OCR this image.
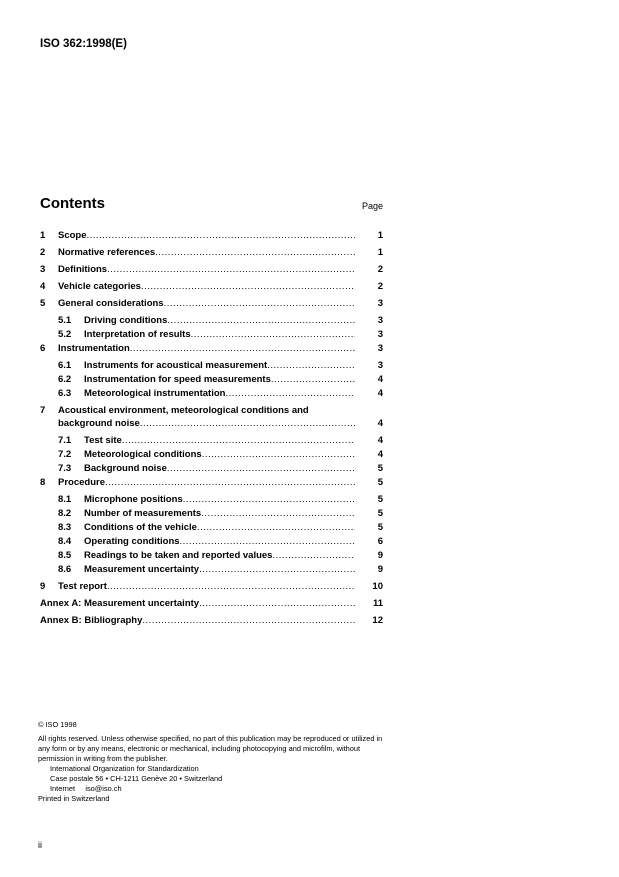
ISO 362:1998(E)
Contents	Page
1	Scope .....	1
2	Normative references .....	1
3	Definitions .....	2
4	Vehicle categories .....	2
5	General considerations .....	3
5.1	Driving conditions .....	3
5.2	Interpretation of results .....	3
6	Instrumentation .....	3
6.1	Instruments for acoustical measurement .....	3
6.2	Instrumentation for speed measurements .....	4
6.3	Meteorological instrumentation .....	4
7	Acoustical environment, meteorological conditions and
background noise .....	4
7.1	Test site .....	4
7.2	Meteorological conditions .....	4
7.3	Background noise .....	5
8	Procedure .....	5
8.1	Microphone positions .....	5
8.2	Number of measurements .....	5
8.3	Conditions of the vehicle .....	5
8.4	Operating conditions .....	6
8.5	Readings to be taken and reported values .....	9
8.6	Measurement uncertainty .....	9
9	Test report .....	10
Annex A: Measurement uncertainty .....	11
Annex B: Bibliography .....	12
© ISO 1998
All rights reserved. Unless otherwise specified, no part of this publication may be reproduced or utilized in any form or by any means, electronic or mechanical, including photocopying and microfilm, without permission in writing from the publisher.
International Organization for Standardization
Case postale 56 • CH-1211 Genève 20 • Switzerland
Internet     iso@iso.ch
Printed in Switzerland
ii
